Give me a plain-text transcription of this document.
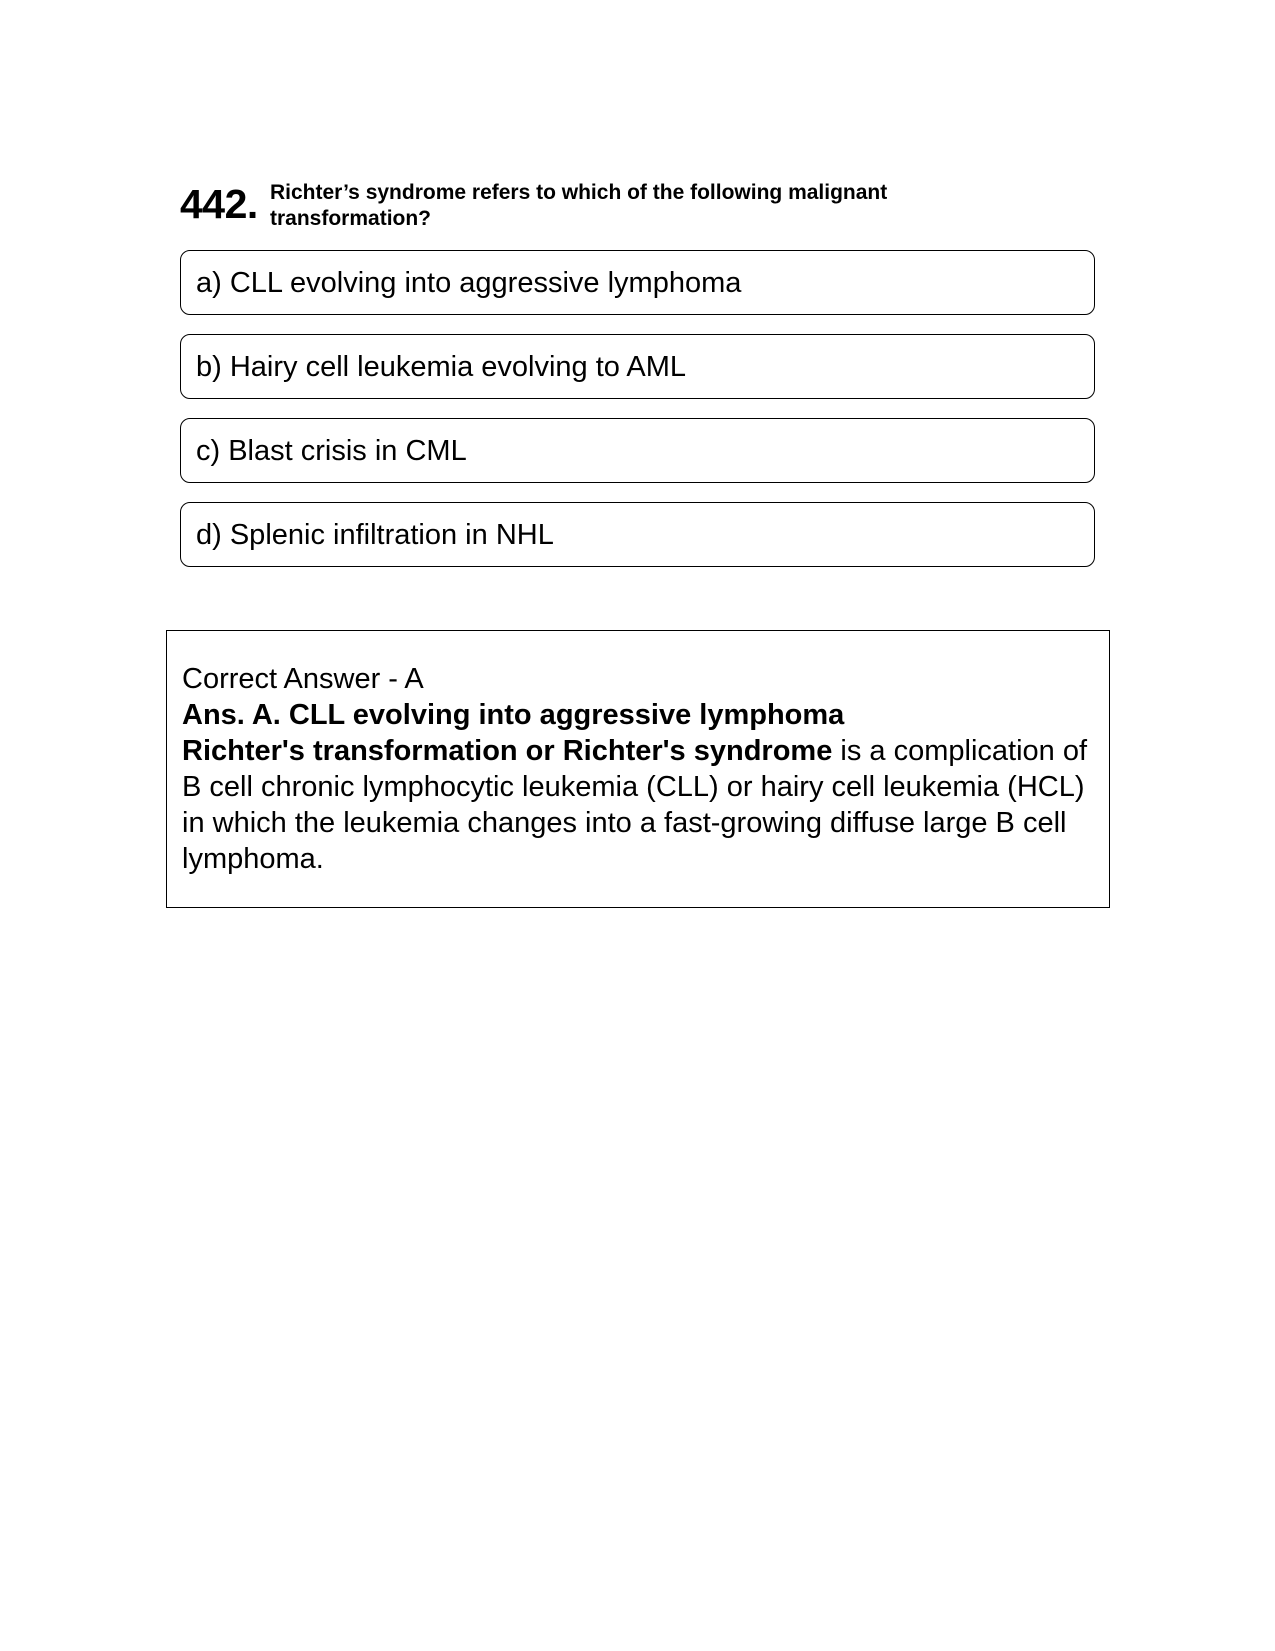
442. Richter’s syndrome refers to which of the following malignant transformation?
a) CLL evolving into aggressive lymphoma
b) Hairy cell leukemia evolving to AML
c) Blast crisis in CML
d) Splenic infiltration in NHL
Correct Answer - A
Ans. A. CLL evolving into aggressive lymphoma
Richter's transformation or Richter's syndrome is a complication of B cell chronic lymphocytic leukemia (CLL) or hairy cell leukemia (HCL) in which the leukemia changes into a fast-growing diffuse large B cell lymphoma.
